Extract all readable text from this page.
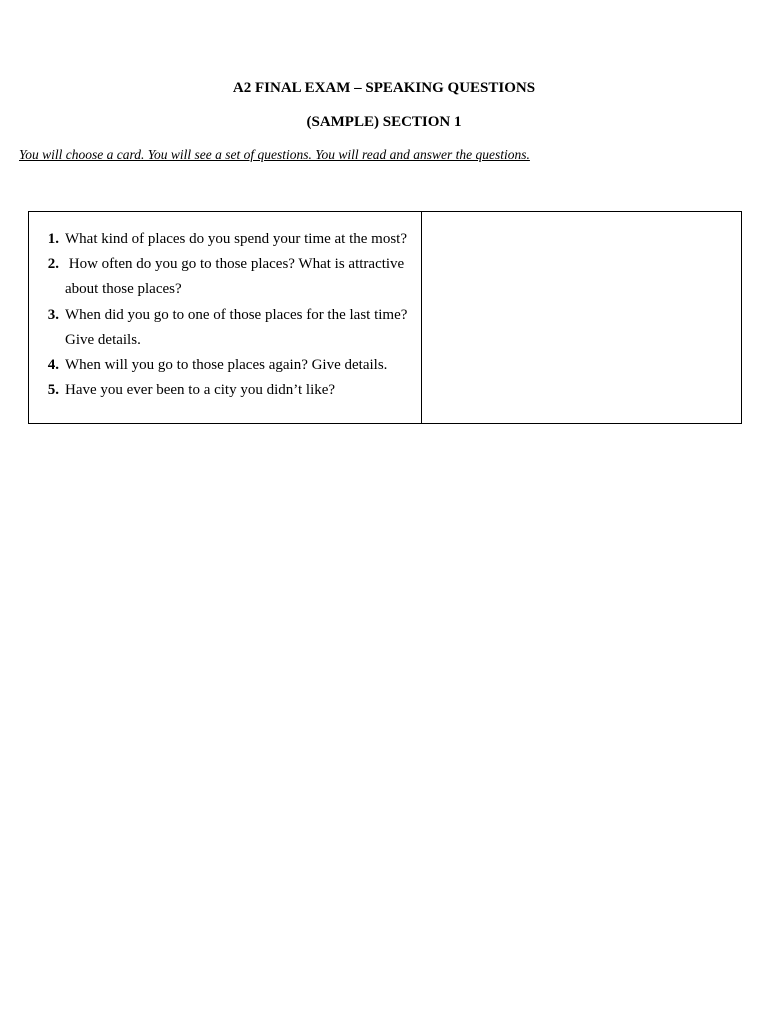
A2 FINAL EXAM – SPEAKING QUESTIONS
(SAMPLE) SECTION 1
You will choose a card. You will see a set of questions. You will read and answer the questions.
1. What kind of places do you spend your time at the most?
2. How often do you go to those places? What is attractive about those places?
3. When did you go to one of those places for the last time? Give details.
4. When will you go to those places again? Give details.
5. Have you ever been to a city you didn’t like?
